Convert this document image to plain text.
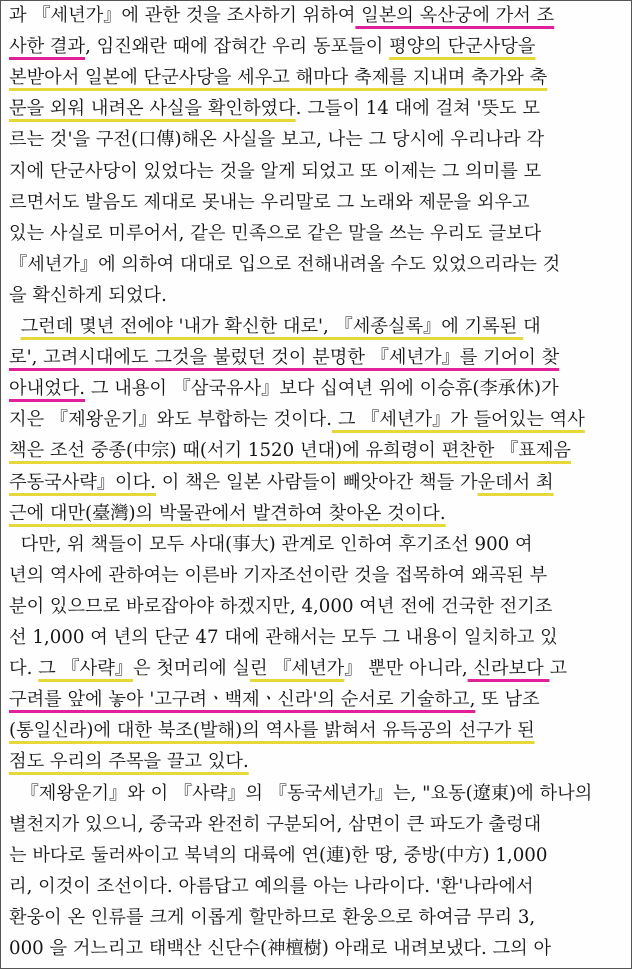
과 『세년가』에 관한 것을 조사하기 위하여 일본의 옥산궁에 가서 조
사한 결과, 임진왜란 때에 잡혀간 우리 동포들이 평양의 단군사당을
본받아서 일본에 단군사당을 세우고 해마다 축제를 지내며 축가와 축
문을 외워 내려온 사실을 확인하였다. 그들이 14 대에 걸쳐 '뜻도 모
르는 것'을 구전(口傳)해온 사실을 보고, 나는 그 당시에 우리나라 각
지에 단군사당이 있었다는 것을 알게 되었고 또 이제는 그 의미를 모
르면서도 발음도 제대로 못내는 우리말로 그 노래와 제문을 외우고
있는 사실로 미루어서, 같은 민족으로 같은 말을 쓰는 우리도 글보다
『세년가』에 의하여 대대로 입으로 전해내려올 수도 있었으리라는 것
을 확신하게 되었다.
그런데 몇년 전에야 '내가 확신한 대로', 『세종실록』에 기록된 대
로', 고려시대에도 그것을 불렀던 것이 분명한 『세년가』를 기어이 찾
아내었다. 그 내용이 『삼국유사』보다 십여년 위에 이승휴(李承休)가
지은 『제왕운기』와도 부합하는 것이다. 그 『세년가』가 들어있는 역사
책은 조선 중종(中宗) 때(서기 1520 년대)에 유희령이 편찬한 『표제음
주동국사략』이다. 이 책은 일본 사람들이 빼앗아간 책들 가운데서 최
근에 대만(臺灣)의 박물관에서 발견하여 찾아온 것이다.
다만, 위 책들이 모두 사대(事大) 관계로 인하여 후기조선 900 여
년의 역사에 관하여는 이른바 기자조선이란 것을 접목하여 왜곡된 부
분이 있으므로 바로잡아야 하겠지만, 4,000 여년 전에 건국한 전기조
선 1,000 여 년의 단군 47 대에 관해서는 모두 그 내용이 일치하고 있
다. 그 『사략』은 첫머리에 실린 『세년가』 뿐만 아니라, 신라보다 고
구려를 앞에 놓아 '고구려ㆍ백제ㆍ신라'의 순서로 기술하고, 또 남조
(통일신라)에 대한 북조(발해)의 역사를 밝혀서 유득공의 선구가 된
점도 우리의 주목을 끌고 있다.
『제왕운기』와 이 『사략』의 『동국세년가』는, "요동(遼東)에 하나의
별천지가 있으니, 중국과 완전히 구분되어, 삼면이 큰 파도가 출렁대
는 바다로 둘러싸이고 북녁의 대륙에 연(連)한 땅, 중방(中方) 1,000
리, 이것이 조선이다. 아름답고 예의를 아는 나라이다. '환'나라에서
환웅이 온 인류를 크게 이롭게 할만하므로 환웅으로 하여금 무리 3,
000 을 거느리고 태백산 신단수(神檀樹) 아래로 내려보냈다. 그의 아
